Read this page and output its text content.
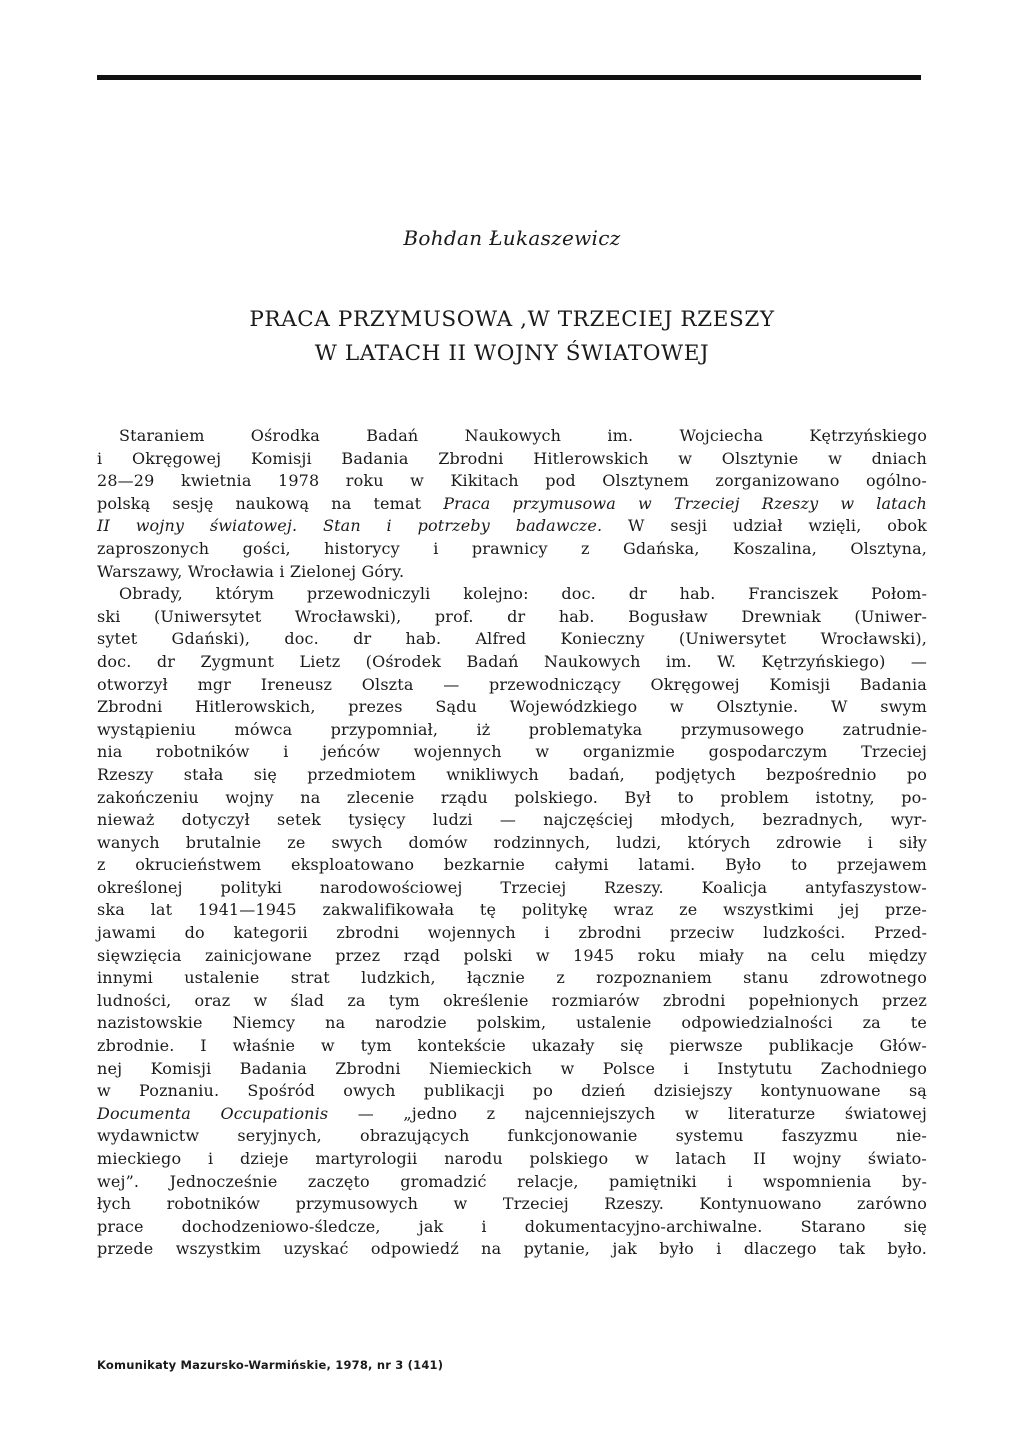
Bohdan Łukaszewicz
PRACA PRZYMUSOWA ,W TRZECIEJ RZESZY
W LATACH II WOJNY ŚWIATOWEJ
Staraniem Ośrodka Badań Naukowych im. Wojciecha Kętrzyńskiego
i Okręgowej Komisji Badania Zbrodni Hitlerowskich w Olsztynie w dniach
28—29 kwietnia 1978 roku w Kikitach pod Olsztynem zorganizowano ogólno-
polską sesję naukową na temat Praca przymusowa w Trzeciej Rzeszy w latach
II wojny światowej. Stan i potrzeby badawcze. W sesji udział wzięli, obok
zaproszonych gości, historycy i prawnicy z Gdańska, Koszalina, Olsztyna,
Warszawy, Wrocławia i Zielonej Góry.
Obrady, którym przewodniczyli kolejno: doc. dr hab. Franciszek Połom-
ski (Uniwersytet Wrocławski), prof. dr hab. Bogusław Drewniak (Uniwer-
sytet Gdański), doc. dr hab. Alfred Konieczny (Uniwersytet Wrocławski),
doc. dr Zygmunt Lietz (Ośrodek Badań Naukowych im. W. Kętrzyńskiego) —
otworzył mgr Ireneusz Olszta — przewodniczący Okręgowej Komisji Badania
Zbrodni Hitlerowskich, prezes Sądu Wojewódzkiego w Olsztynie. W swym
wystąpieniu mówca przypomniał, iż problematyka przymusowego zatrudnie-
nia robotników i jeńców wojennych w organizmie gospodarczym Trzeciej
Rzeszy stała się przedmiotem wnikliwych badań, podjętych bezpośrednio po
zakończeniu wojny na zlecenie rządu polskiego. Był to problem istotny, po-
nieważ dotyczył setek tysięcy ludzi — najczęściej młodych, bezradnych, wyr-
wanych brutalnie ze swych domów rodzinnych, ludzi, których zdrowie i siły
z okrucieństwem eksploatowano bezkarnie całymi latami. Było to przejawem
określonej polityki narodowościowej Trzeciej Rzeszy. Koalicja antyfaszystow-
ska lat 1941—1945 zakwalifikowała tę politykę wraz ze wszystkimi jej prze-
jawami do kategorii zbrodni wojennych i zbrodni przeciw ludzkości. Przed-
sięwzięcia zainicjowane przez rząd polski w 1945 roku miały na celu między
innymi ustalenie strat ludzkich, łącznie z rozpoznaniem stanu zdrowotnego
ludności, oraz w ślad za tym określenie rozmiarów zbrodni popełnionych przez
nazistowskie Niemcy na narodzie polskim, ustalenie odpowiedzialności za te
zbrodnie. I właśnie w tym kontekście ukazały się pierwsze publikacje Głów-
nej Komisji Badania Zbrodni Niemieckich w Polsce i Instytutu Zachodniego
w Poznaniu. Spośród owych publikacji po dzień dzisiejszy kontynuowane są
Documenta Occupationis — „jedno z najcenniejszych w literaturze światowej
wydawnictw seryjnych, obrazujących funkcjonowanie systemu faszyzmu nie-
mieckiego i dzieje martyrologii narodu polskiego w latach II wojny świato-
wej”. Jednocześnie zaczęto gromadzić relacje, pamiętniki i wspomnienia by-
łych robotników przymusowych w Trzeciej Rzeszy. Kontynuowano zarówno
prace dochodzeniowo-śledcze, jak i dokumentacyjno-archiwalne. Starano się
przede wszystkim uzyskać odpowiedź na pytanie, jak było i dlaczego tak było.
Komunikaty Mazursko-Warmińskie, 1978, nr 3 (141)
